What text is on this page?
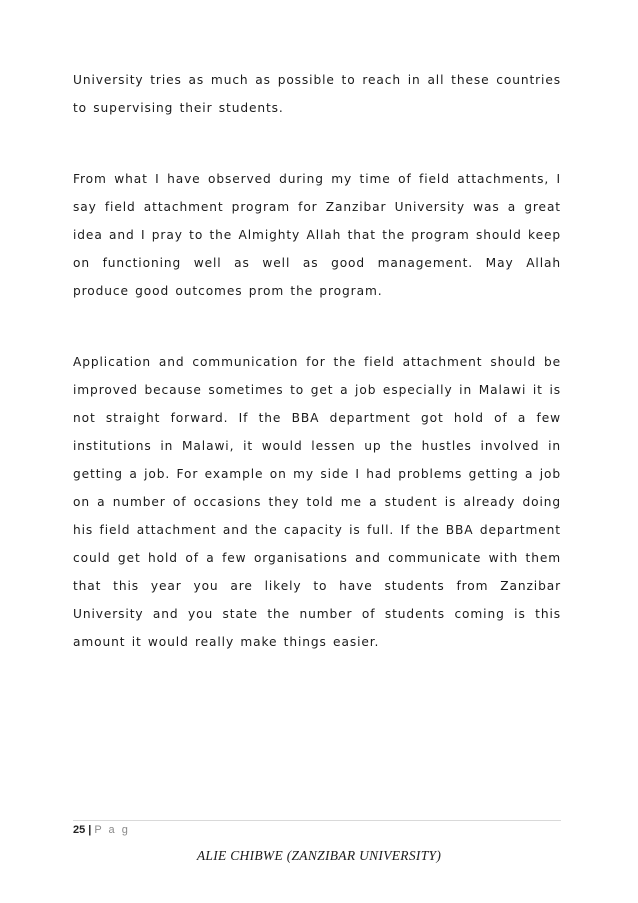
University tries as much as possible to reach in all these countries to supervising their students.

From what I have observed during my time of field attachments, I say field attachment program for Zanzibar University was a great idea and I pray to the Almighty Allah that the program should keep on functioning well as well as good management. May Allah produce good outcomes prom the program.

Application and communication for the field attachment should be improved because sometimes to get a job especially in Malawi it is not straight forward. If the BBA department got hold of a few institutions in Malawi, it would lessen up the hustles involved in getting a job. For example on my side I had problems getting a job on a number of occasions they told me a student is already doing his field attachment and the capacity is full. If the BBA department could get hold of a few organisations and communicate with them that this year you are likely to have students from Zanzibar University and you state the number of students coming is this amount it would really make things easier.

25 | P a g
ALIE CHIBWE (ZANZIBAR UNIVERSITY)
